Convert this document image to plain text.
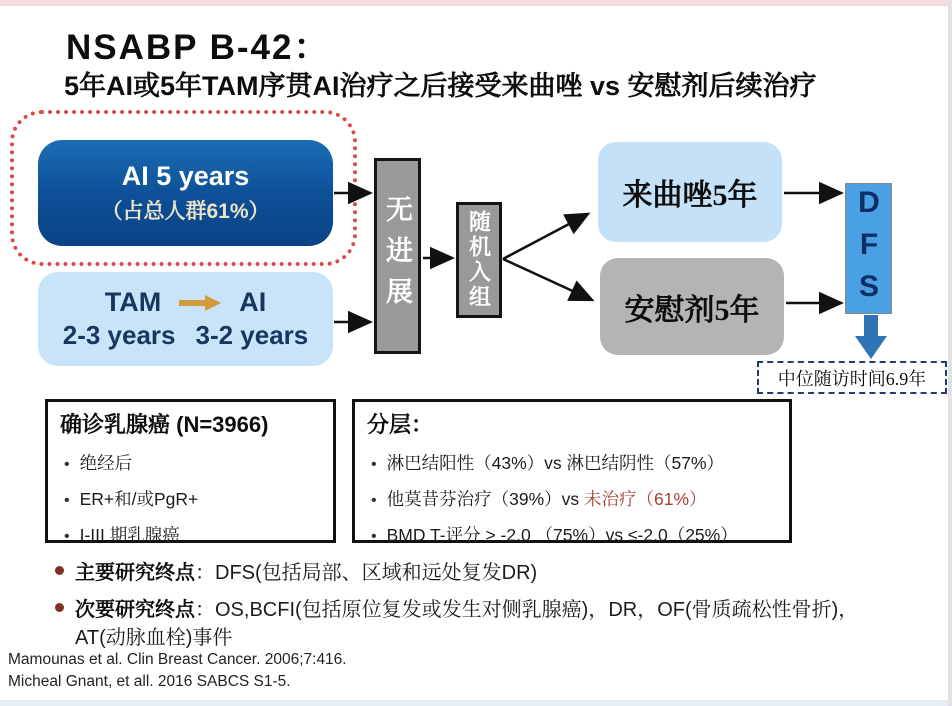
NSABP B-42：
5年AI或5年TAM序贯AI治疗之后接受来曲唑 vs 安慰剂后续治疗
AI 5 years
（占总人群61%）
TAM	AI
2-3 years 3-2 years
无进展	随机入组
来曲唑5年
安慰剂5年	DFS
中位随访时间6.9年
确诊乳腺癌 (N=3966)
•
绝经后
•
ER+和/或PgR+
•
I-III 期乳腺癌
分层：
•
淋巴结阳性（43%）vs 淋巴结阴性（57%）
•
他莫昔芬治疗（39%）vs 未治疗（61%）
•
BMD T-评分 > -2.0 （75%）vs ≤-2.0（25%）
主要研究终点 ：DFS(包括局部、区域和远处复发DR)
次要研究终点 ：OS,BCFI(包括原位复发或发生对侧乳腺癌)，DR，OF(骨质疏松性骨折)，
AT(动脉血栓)事件
Mamounas et al. Clin Breast Cancer. 2006;7:416.
Micheal Gnant, et all. 2016 SABCS S1-5.
